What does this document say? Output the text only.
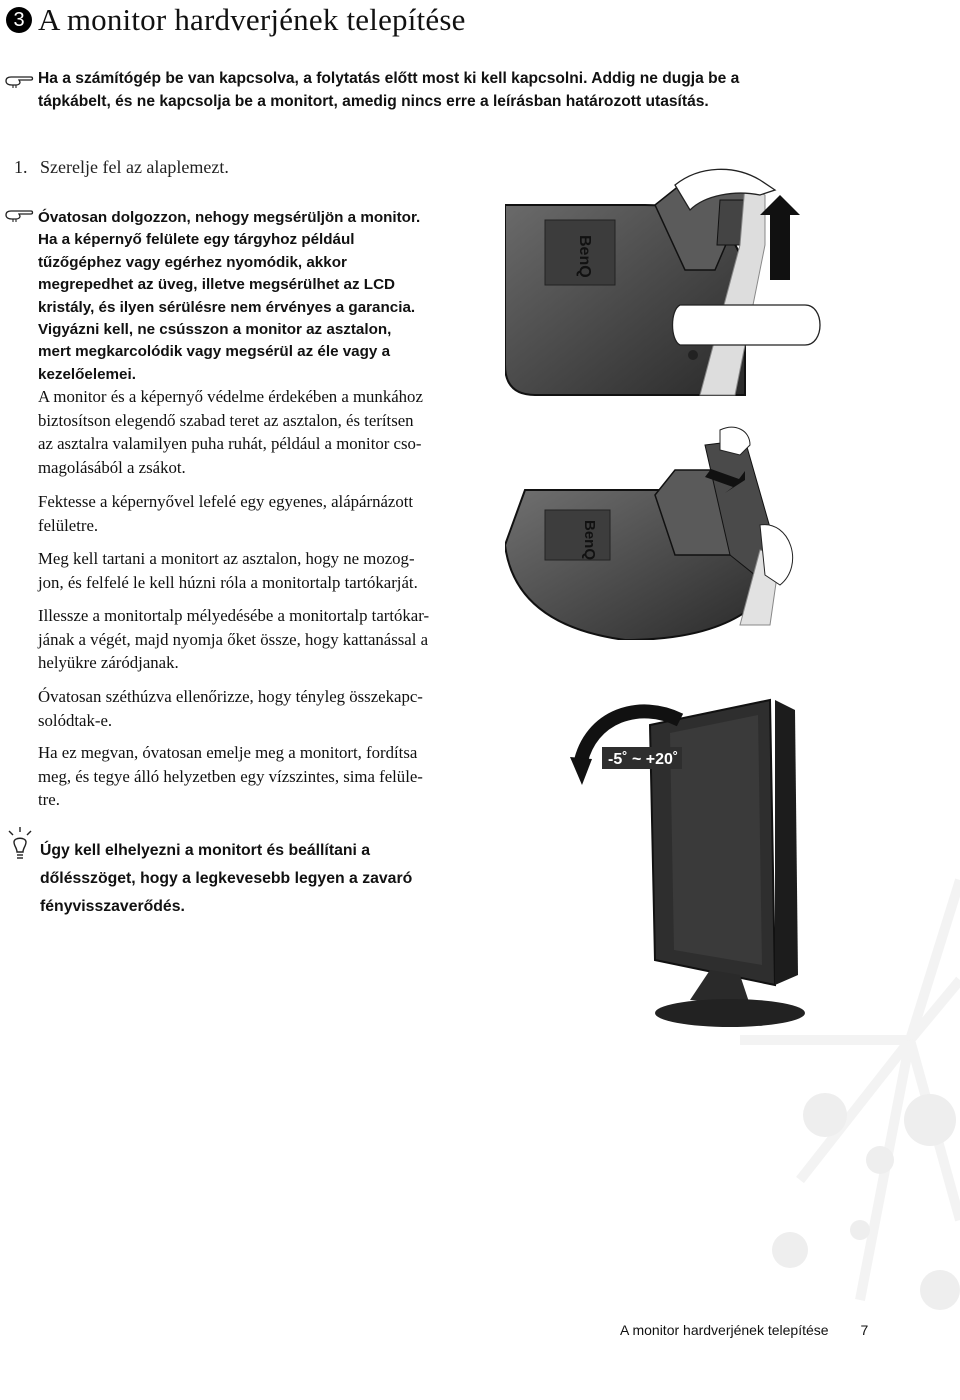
3 A monitor hardverjének telepítése
Ha a számítógép be van kapcsolva, a folytatás előtt most ki kell kapcsolni. Addig ne dugja be a
tápkábelt, és ne kapcsolja be a monitort, amedig nincs erre a leírásban határozott utasítás.
1. Szerelje fel az alaplemezt.
Óvatosan dolgozzon, nehogy megsérüljön a monitor.
Ha a képernyő felülete egy tárgyhoz például
tűzőgéphez vagy egérhez nyomódik, akkor
megrepedhet az üveg, illetve megsérülhet az LCD
kristály, és ilyen sérülésre nem érvényes a garancia.
Vigyázni kell, ne csússzon a monitor az asztalon,
mert megkarcolódik vagy megsérül az éle vagy a
kezelőelemei.
A monitor és a képernyő védelme érdekében a munkához
biztosítson elegendő szabad teret az asztalon, és terítsen
az asztalra valamilyen puha ruhát, például a monitor cso-
magolásából a zsákot.
Fektesse a képernyővel lefelé egy egyenes, alápárnázott
felületre.
Meg kell tartani a monitort az asztalon, hogy ne mozog-
jon, és felfelé le kell húzni róla a monitortalp tartókarját.
Illessze a monitortalp mélyedésébe a monitortalp tartókar-
jának a végét, majd nyomja őket össze, hogy kattanással a
helyükre záródjanak.
Óvatosan széthúzva ellenőrizze, hogy tényleg összekapc-
solódtak-e.
Ha ez megvan, óvatosan emelje meg a monitort, fordítsa
meg, és tegye álló helyzetben egy vízszintes, sima felüle-
tre.
Úgy kell elhelyezni a monitort és beállítani a
dőlésszöget, hogy a legkevesebb legyen a zavaró
fényvisszaverődés.
BenQ
BenQ
-5˚ ~ +20˚
A monitor hardverjének telepítése 7
